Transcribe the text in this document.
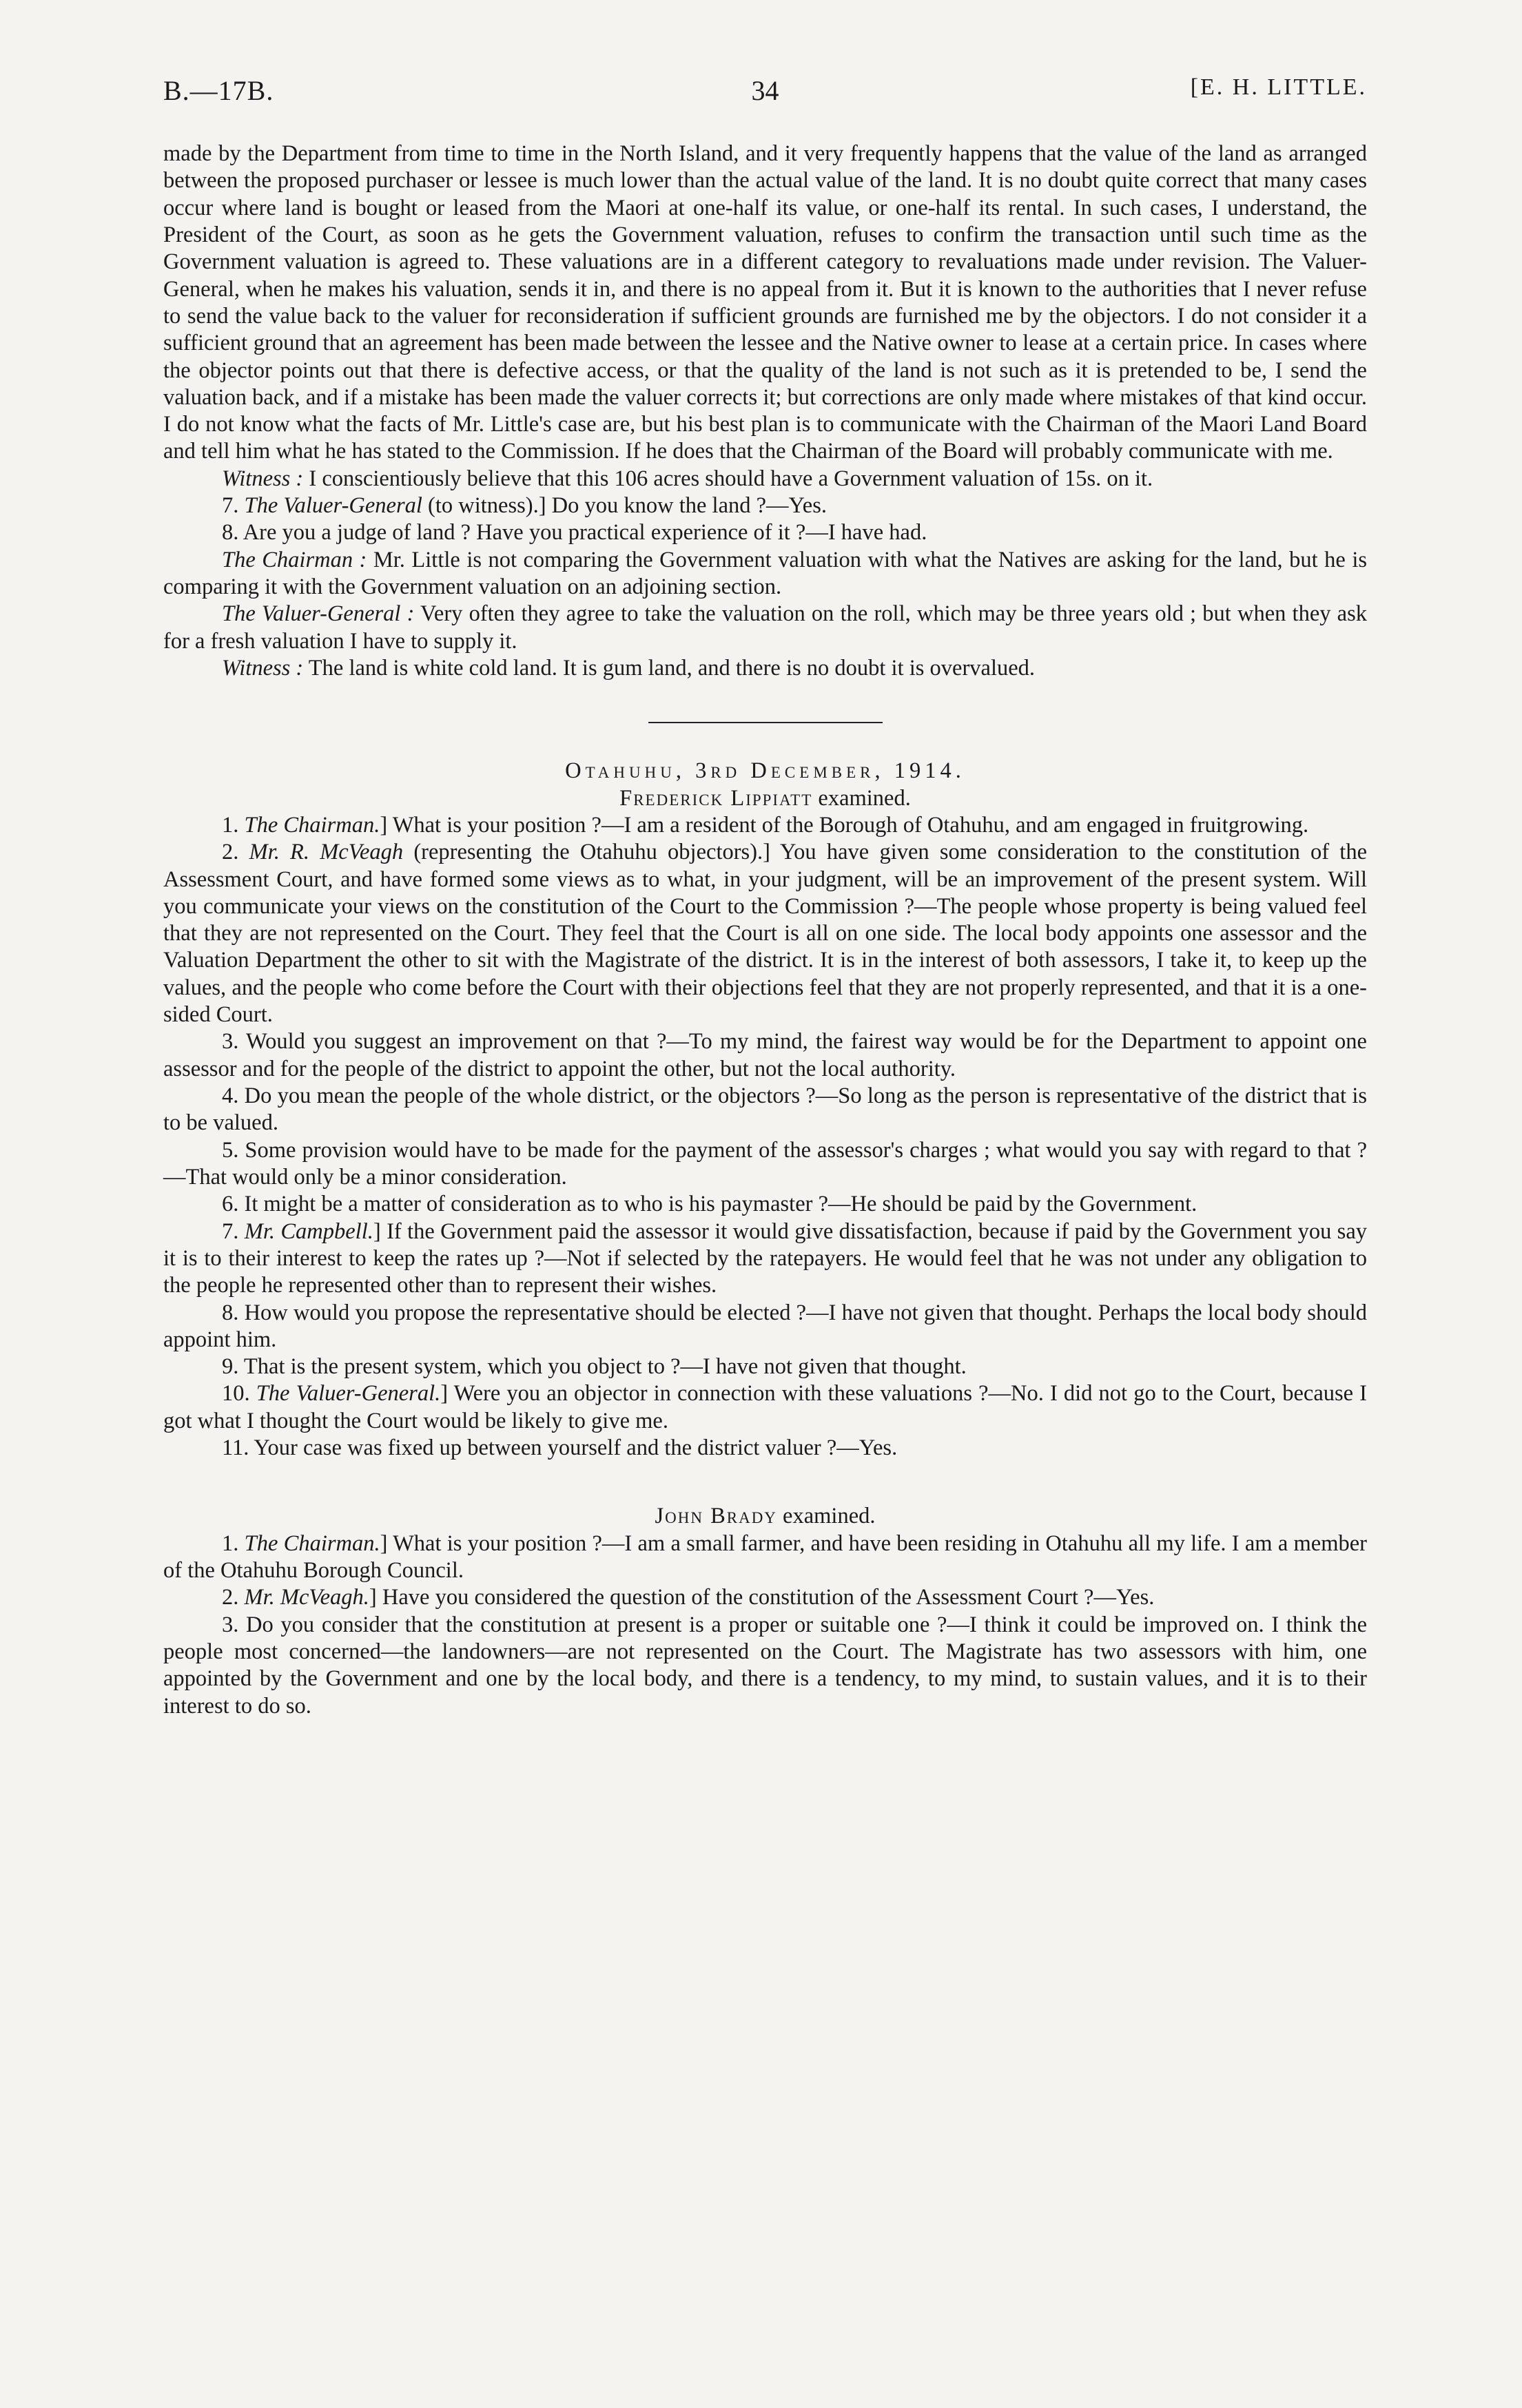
B.—17B.	34	[E. H. LITTLE.

made by the Department from time to time in the North Island, and it very frequently happens that the value of the land as arranged between the proposed purchaser or lessee is much lower than the actual value of the land. It is no doubt quite correct that many cases occur where land is bought or leased from the Maori at one-half its value, or one-half its rental. In such cases, I understand, the President of the Court, as soon as he gets the Government valuation, refuses to confirm the transaction until such time as the Government valuation is agreed to. These valuations are in a different category to revaluations made under revision. The Valuer-General, when he makes his valuation, sends it in, and there is no appeal from it. But it is known to the authorities that I never refuse to send the value back to the valuer for reconsideration if sufficient grounds are furnished me by the objectors. I do not consider it a sufficient ground that an agreement has been made between the lessee and the Native owner to lease at a certain price. In cases where the objector points out that there is defective access, or that the quality of the land is not such as it is pretended to be, I send the valuation back, and if a mistake has been made the valuer corrects it; but corrections are only made where mistakes of that kind occur. I do not know what the facts of Mr. Little's case are, but his best plan is to communicate with the Chairman of the Maori Land Board and tell him what he has stated to the Commission. If he does that the Chairman of the Board will probably communicate with me.

Witness : I conscientiously believe that this 106 acres should have a Government valuation of 15s. on it.

7. The Valuer-General (to witness).] Do you know the land ?—Yes.

8. Are you a judge of land ? Have you practical experience of it ?—I have had.

The Chairman : Mr. Little is not comparing the Government valuation with what the Natives are asking for the land, but he is comparing it with the Government valuation on an adjoining section.

The Valuer-General : Very often they agree to take the valuation on the roll, which may be three years old ; but when they ask for a fresh valuation I have to supply it.

Witness : The land is white cold land. It is gum land, and there is no doubt it is overvalued.

Otahuhu, 3rd December, 1914.

Frederick Lippiatt examined.

1. The Chairman.] What is your position ?—I am a resident of the Borough of Otahuhu, and am engaged in fruitgrowing.

2. Mr. R. McVeagh (representing the Otahuhu objectors).] You have given some consideration to the constitution of the Assessment Court, and have formed some views as to what, in your judgment, will be an improvement of the present system. Will you communicate your views on the constitution of the Court to the Commission ?—The people whose property is being valued feel that they are not represented on the Court. They feel that the Court is all on one side. The local body appoints one assessor and the Valuation Department the other to sit with the Magistrate of the district. It is in the interest of both assessors, I take it, to keep up the values, and the people who come before the Court with their objections feel that they are not properly represented, and that it is a one-sided Court.

3. Would you suggest an improvement on that ?—To my mind, the fairest way would be for the Department to appoint one assessor and for the people of the district to appoint the other, but not the local authority.

4. Do you mean the people of the whole district, or the objectors ?—So long as the person is representative of the district that is to be valued.

5. Some provision would have to be made for the payment of the assessor's charges ; what would you say with regard to that ?—That would only be a minor consideration.

6. It might be a matter of consideration as to who is his paymaster ?—He should be paid by the Government.

7. Mr. Campbell.] If the Government paid the assessor it would give dissatisfaction, because if paid by the Government you say it is to their interest to keep the rates up ?—Not if selected by the ratepayers. He would feel that he was not under any obligation to the people he represented other than to represent their wishes.

8. How would you propose the representative should be elected ?—I have not given that thought. Perhaps the local body should appoint him.

9. That is the present system, which you object to ?—I have not given that thought.

10. The Valuer-General.] Were you an objector in connection with these valuations ?—No. I did not go to the Court, because I got what I thought the Court would be likely to give me.

11. Your case was fixed up between yourself and the district valuer ?—Yes.

John Brady examined.

1. The Chairman.] What is your position ?—I am a small farmer, and have been residing in Otahuhu all my life. I am a member of the Otahuhu Borough Council.

2. Mr. McVeagh.] Have you considered the question of the constitution of the Assessment Court ?—Yes.

3. Do you consider that the constitution at present is a proper or suitable one ?—I think it could be improved on. I think the people most concerned—the landowners—are not represented on the Court. The Magistrate has two assessors with him, one appointed by the Government and one by the local body, and there is a tendency, to my mind, to sustain values, and it is to their interest to do so.
